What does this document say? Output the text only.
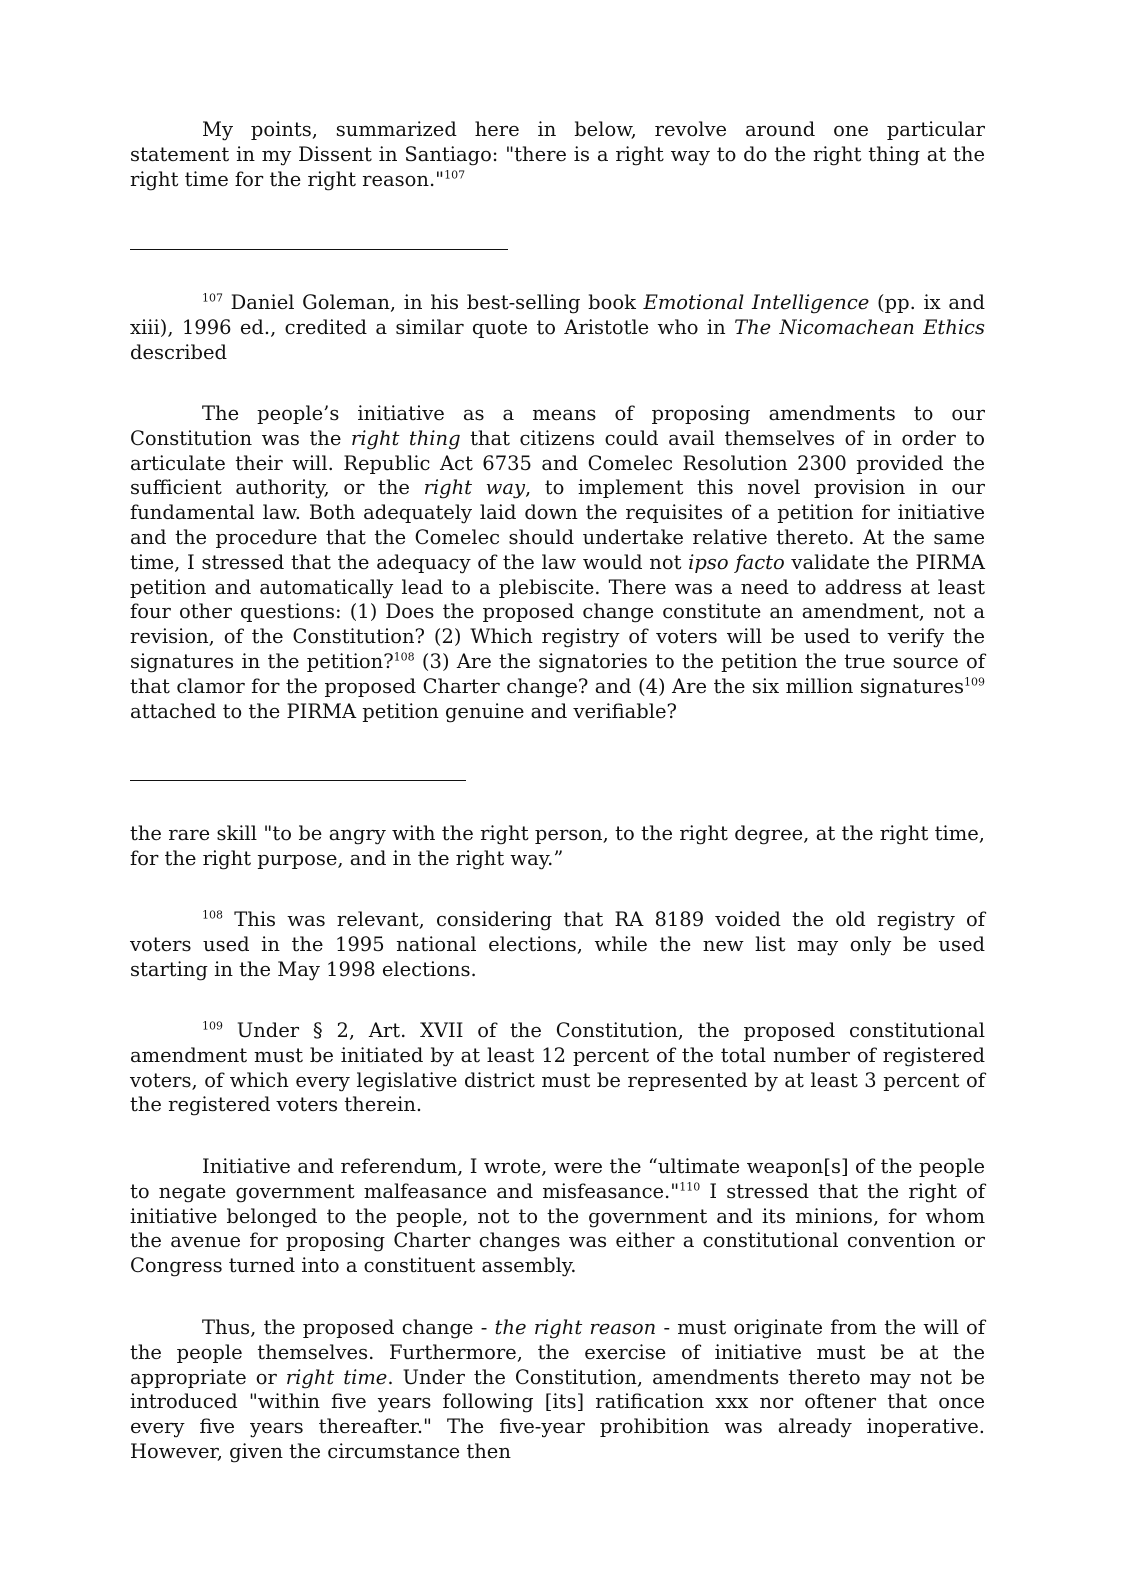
My points, summarized here in below, revolve around one particular statement in my Dissent in Santiago: "there is a right way to do the right thing at the right time for the right reason."$^{107}$

$^{107}$ Daniel Goleman, in his best-selling book Emotional Intelligence (pp. ix and xiii), 1996 ed., credited a similar quote to Aristotle who in The Nicomachean Ethics described

The people’s initiative as a means of proposing amendments to our Constitution was the right thing that citizens could avail themselves of in order to articulate their will. Republic Act 6735 and Comelec Resolution 2300 provided the sufficient authority, or the right way, to implement this novel provision in our fundamental law. Both adequately laid down the requisites of a petition for initiative and the procedure that the Comelec should undertake relative thereto. At the same time, I stressed that the adequacy of the law would not ipso facto validate the PIRMA petition and automatically lead to a plebiscite. There was a need to address at least four other questions: (1) Does the proposed change constitute an amendment, not a revision, of the Constitution? (2) Which registry of voters will be used to verify the signatures in the petition?$^{108}$ (3) Are the signatories to the petition the true source of that clamor for the proposed Charter change? and (4) Are the six million signatures$^{109}$ attached to the PIRMA petition genuine and verifiable?

the rare skill "to be angry with the right person, to the right degree, at the right time, for the right purpose, and in the right way.”

$^{108}$ This was relevant, considering that RA 8189 voided the old registry of voters used in the 1995 national elections, while the new list may only be used starting in the May 1998 elections.

$^{109}$ Under § 2, Art. XVII of the Constitution, the proposed constitutional amendment must be initiated by at least 12 percent of the total number of registered voters, of which every legislative district must be represented by at least 3 percent of the registered voters therein.

Initiative and referendum, I wrote, were the “ultimate weapon[s] of the people to negate government malfeasance and misfeasance."$^{110}$ I stressed that the right of initiative belonged to the people, not to the government and its minions, for whom the avenue for proposing Charter changes was either a constitutional convention or Congress turned into a constituent assembly.

Thus, the proposed change - the right reason - must originate from the will of the people themselves. Furthermore, the exercise of initiative must be at the appropriate or right time. Under the Constitution, amendments thereto may not be introduced "within five years following [its] ratification xxx nor oftener that once every five years thereafter." The five-year prohibition was already inoperative. However, given the circumstance then
